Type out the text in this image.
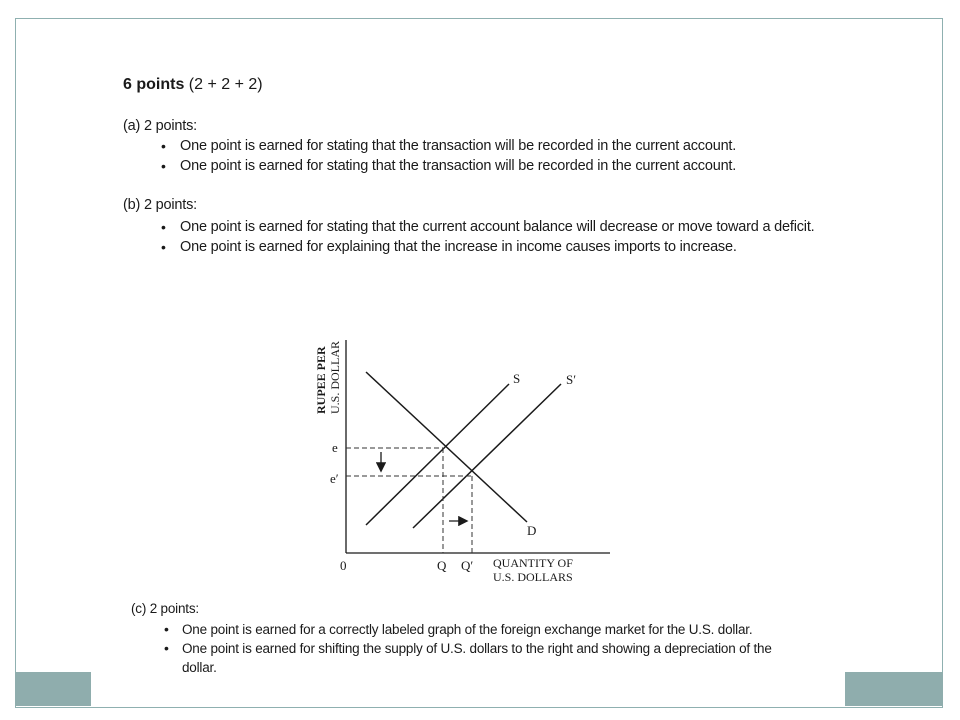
6 points (2 + 2 + 2)
(a) 2 points:
• One point is earned for stating that the transaction will be recorded in the current account.
• One point is earned for stating that the transaction will be recorded in the current account.
(b) 2 points:
• One point is earned for stating that the current account balance will decrease or move toward a deficit.
• One point is earned for explaining that the increase in income causes imports to increase.
RUPEE PER U.S. DOLLAR
QUANTITY OF
U.S. DOLLARS
e
e′
0	Q Q′
S	S′
D
(c) 2 points:
• One point is earned for a correctly labeled graph of the foreign exchange market for the U.S. dollar.
• One point is earned for shifting the supply of U.S. dollars to the right and showing a depreciation of the dollar.
